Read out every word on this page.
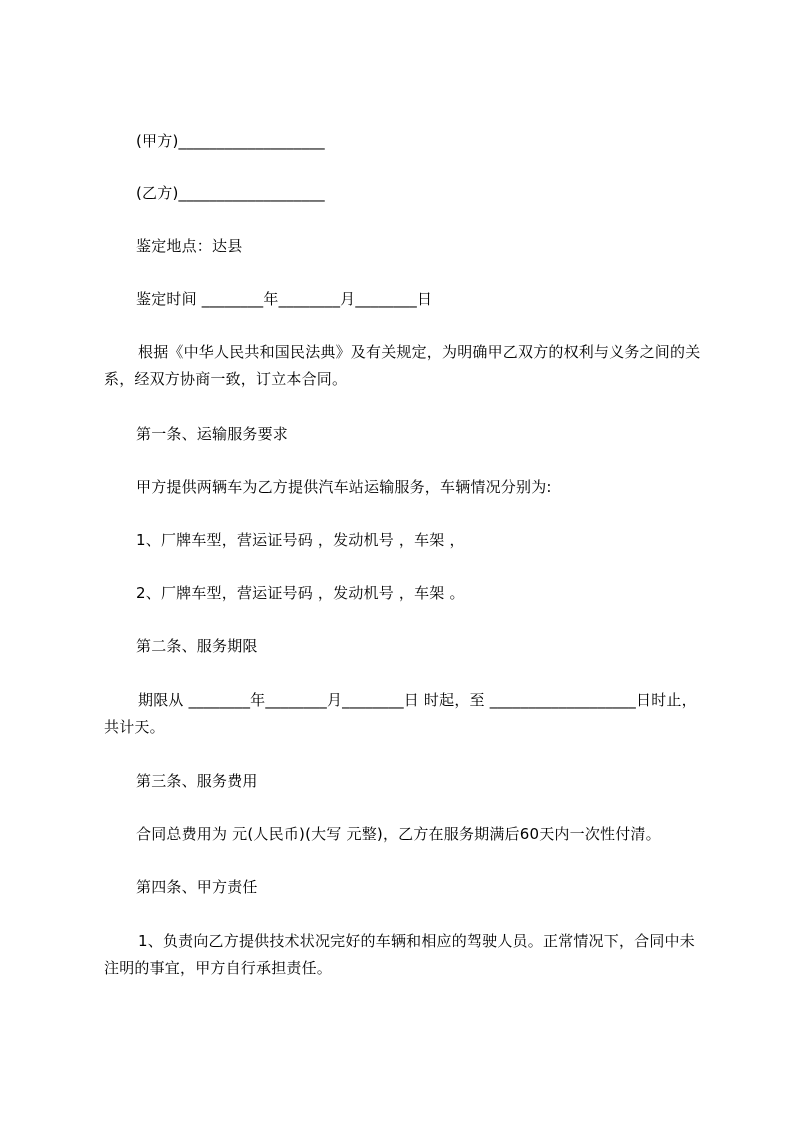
(甲方)___________________
(乙方)___________________
鉴定地点：达县
鉴定时间 ________年________月________日

根据《中华人民共和国民法典》及有关规定，为明确甲乙双方的权利与义务之间的关系，经双方协商一致，订立本合同。

第一条、运输服务要求
甲方提供两辆车为乙方提供汽车站运输服务，车辆情况分别为:
1、厂牌车型，营运证号码 ，发动机号 ，车架 ，
2、厂牌车型，营运证号码 ，发动机号 ，车架 。
第二条、服务期限

期限从 ________年________月________日 时起，至 ___________________日时止，共计天。

第三条、服务费用
合同总费用为 元(人民币)(大写 元整)，乙方在服务期满后60天内一次性付清。
第四条、甲方责任

1、负责向乙方提供技术状况完好的车辆和相应的驾驶人员。正常情况下，合同中未注明的事宜，甲方自行承担责任。
